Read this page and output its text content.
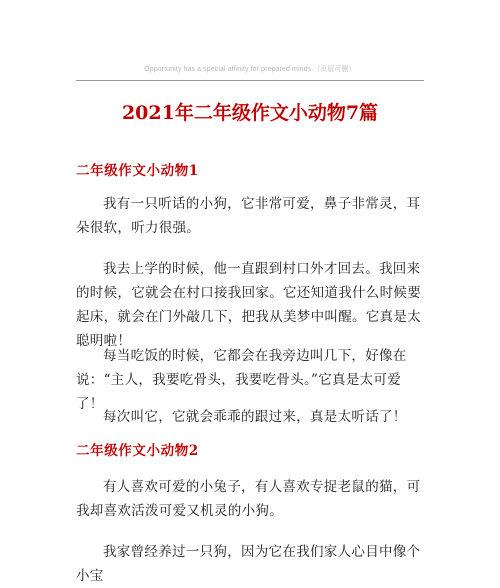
Opportunity has a special affinity for prepared minds.（页眉可删）
2021年二年级作文小动物7篇
二年级作文小动物1
我有一只听话的小狗，它非常可爱，鼻子非常灵，耳朵很软，听力很强。
我去上学的时候，他一直跟到村口外才回去。我回来的时候，它就会在村口接我回家。它还知道我什么时候要起床，就会在门外敲几下，把我从美梦中叫醒。它真是太聪明啦！
每当吃饭的时候，它都会在我旁边叫几下，好像在说：“主人，我要吃骨头，我要吃骨头。”它真是太可爱了！
每次叫它，它就会乖乖的跟过来，真是太听话了！
二年级作文小动物2
有人喜欢可爱的小兔子，有人喜欢专捉老鼠的猫，可我却喜欢活泼可爱又机灵的小狗。
我家曾经养过一只狗，因为它在我们家人心目中像个小宝
